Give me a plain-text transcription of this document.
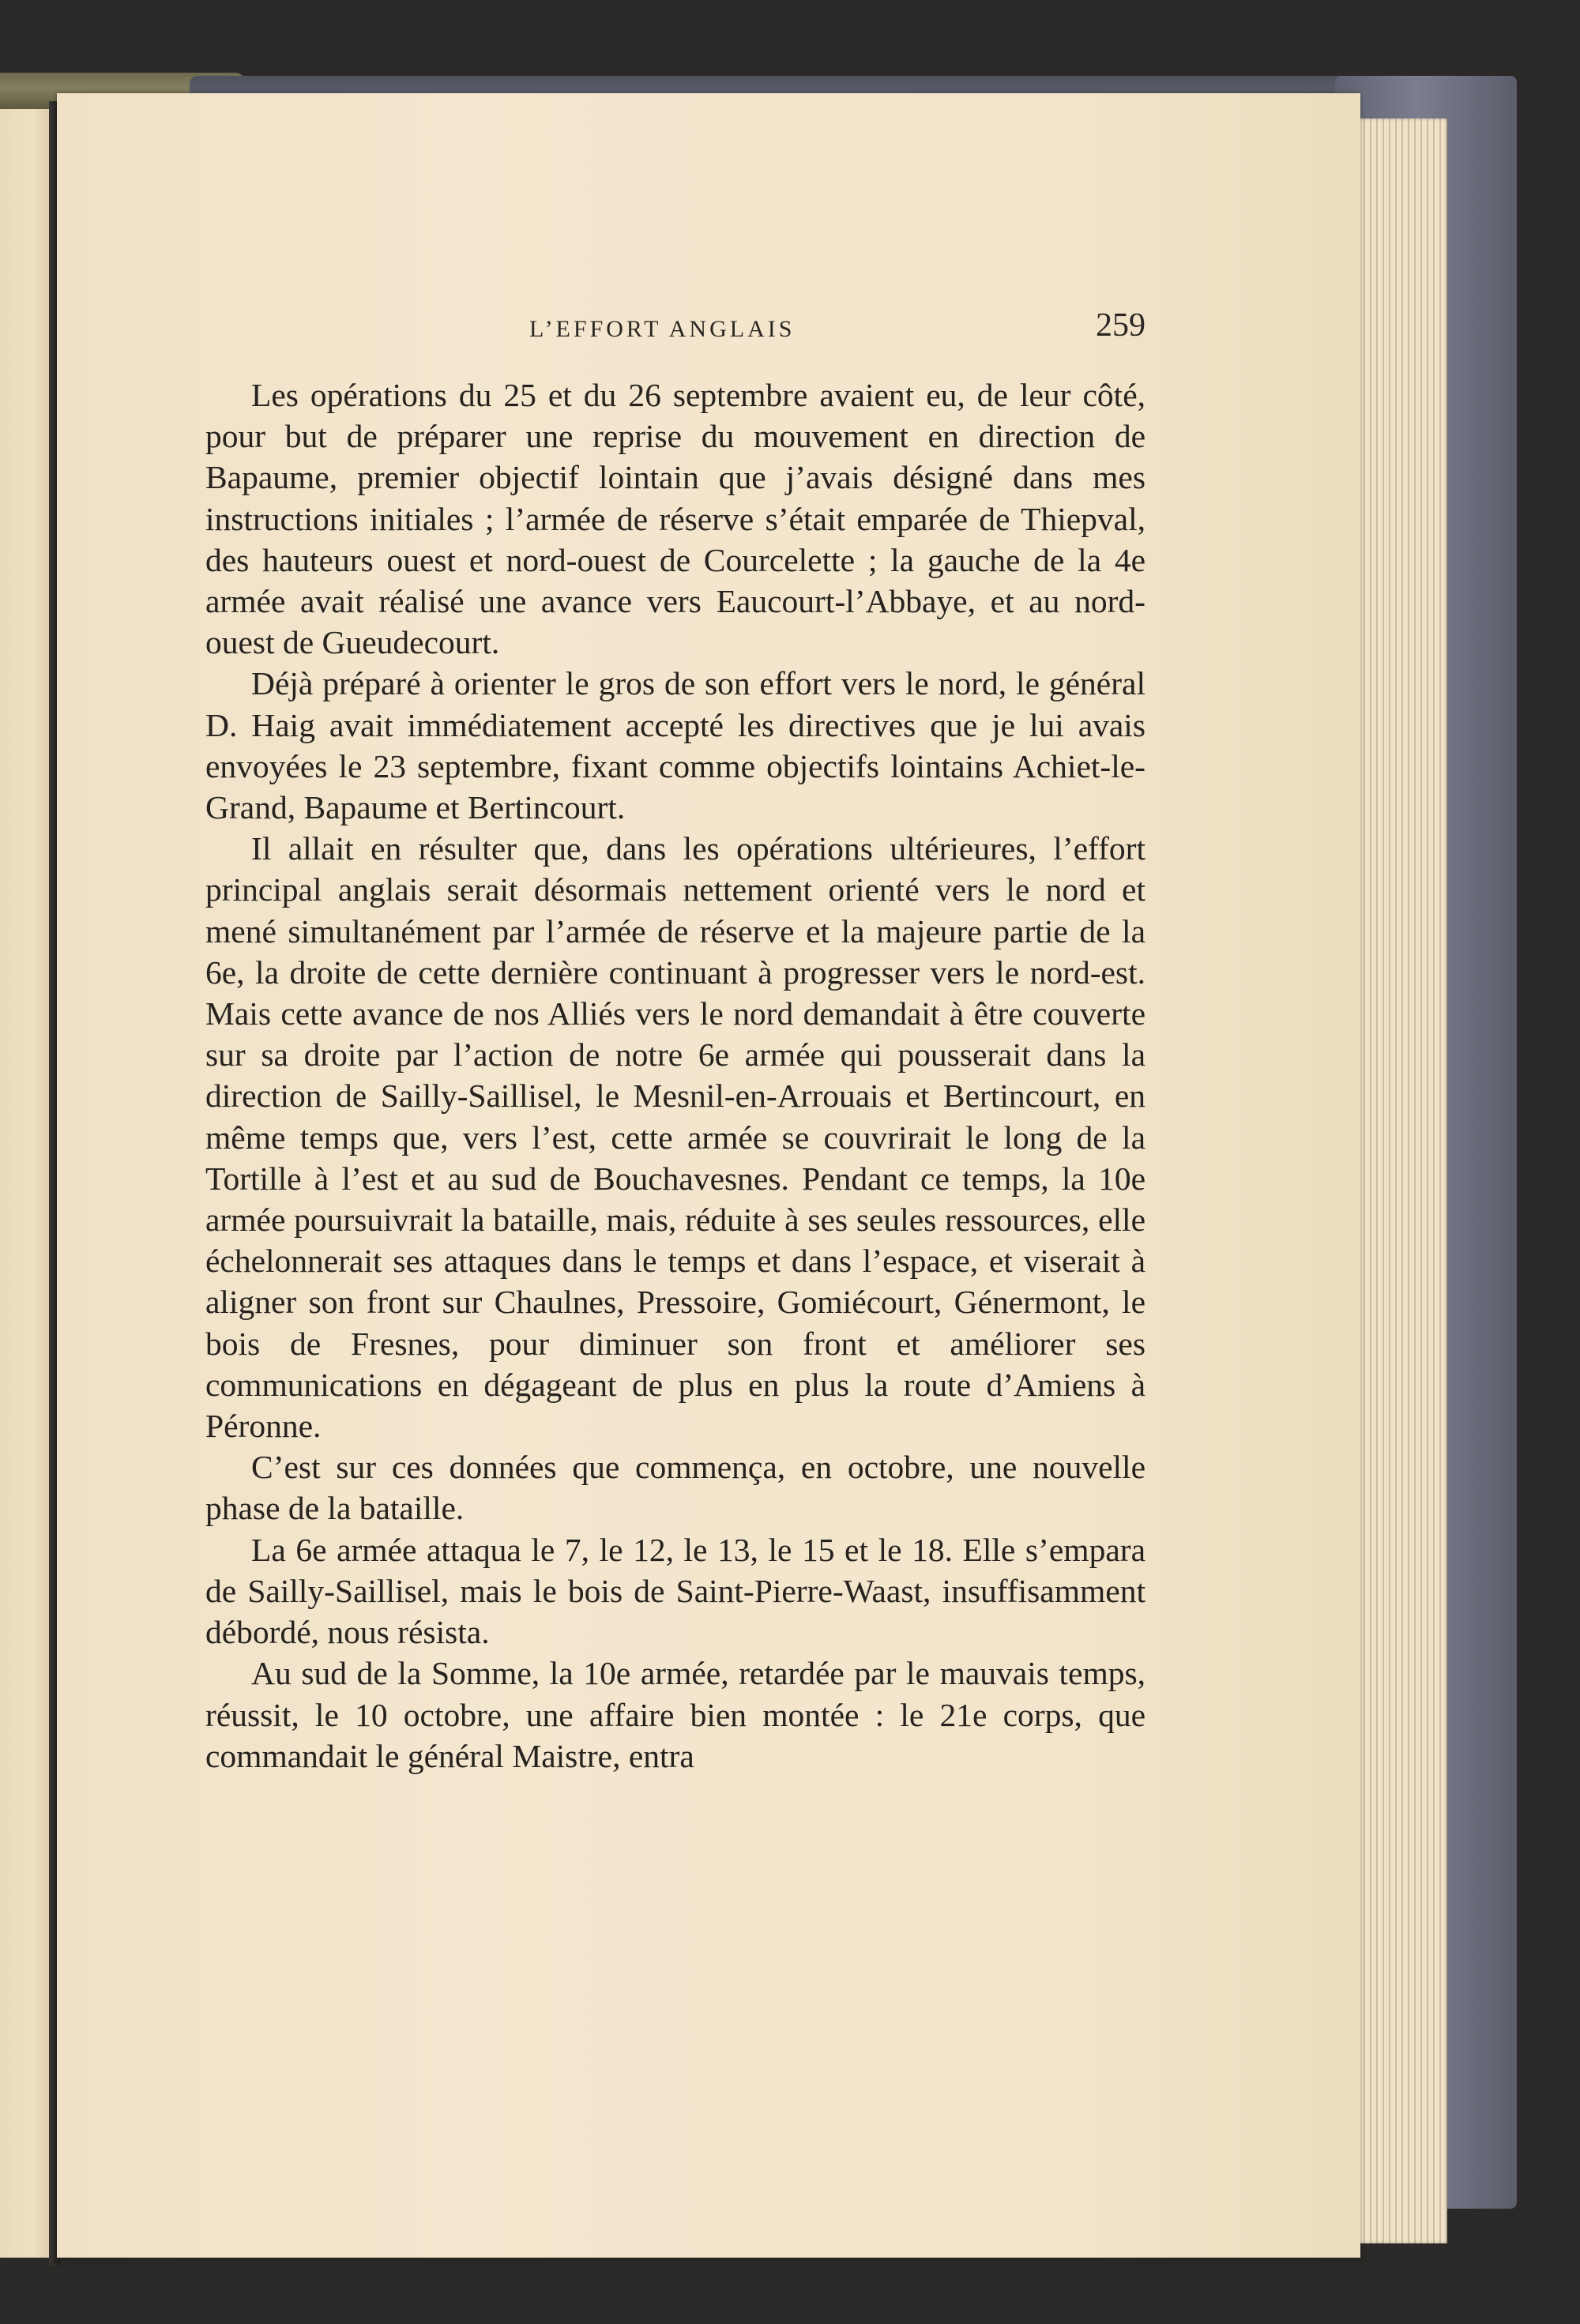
L’EFFORT ANGLAIS	259

Les opérations du 25 et du 26 septembre avaient eu, de leur côté, pour but de préparer une reprise du mouvement en direction de Bapaume, premier objectif lointain que j’avais désigné dans mes instructions initiales ; l’armée de réserve s’était emparée de Thiepval, des hauteurs ouest et nord-ouest de Courcelette ; la gauche de la 4e armée avait réalisé une avance vers Eaucourt-l’Abbaye, et au nord-ouest de Gueudecourt.

Déjà préparé à orienter le gros de son effort vers le nord, le général D. Haig avait immédiatement accepté les directives que je lui avais envoyées le 23 septembre, fixant comme objectifs lointains Achiet-le-Grand, Bapaume et Bertincourt.

Il allait en résulter que, dans les opérations ultérieures, l’effort principal anglais serait désormais nettement orienté vers le nord et mené simultanément par l’armée de réserve et la majeure partie de la 6e, la droite de cette dernière continuant à progresser vers le nord-est. Mais cette avance de nos Alliés vers le nord demandait à être couverte sur sa droite par l’action de notre 6e armée qui pousserait dans la direction de Sailly-Saillisel, le Mesnil-en-Arrouais et Bertincourt, en même temps que, vers l’est, cette armée se couvrirait le long de la Tortille à l’est et au sud de Bouchavesnes. Pendant ce temps, la 10e armée poursuivrait la bataille, mais, réduite à ses seules ressources, elle échelonnerait ses attaques dans le temps et dans l’espace, et viserait à aligner son front sur Chaulnes, Pressoire, Gomiécourt, Génermont, le bois de Fresnes, pour diminuer son front et améliorer ses communications en dégageant de plus en plus la route d’Amiens à Péronne.

C’est sur ces données que commença, en octobre, une nouvelle phase de la bataille.

La 6e armée attaqua le 7, le 12, le 13, le 15 et le 18. Elle s’empara de Sailly-Saillisel, mais le bois de Saint-Pierre-Waast, insuffisamment débordé, nous résista.

Au sud de la Somme, la 10e armée, retardée par le mauvais temps, réussit, le 10 octobre, une affaire bien montée : le 21e corps, que commandait le général Maistre, entra
